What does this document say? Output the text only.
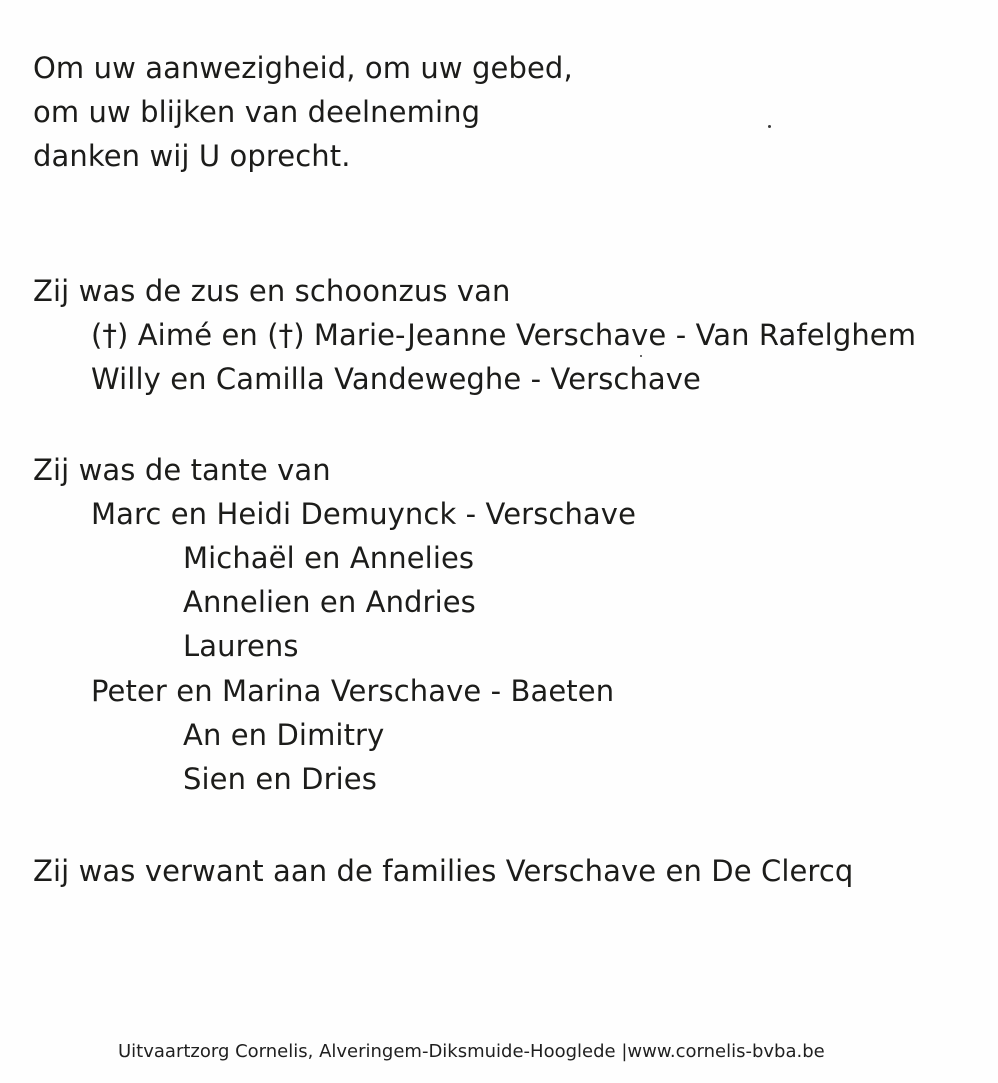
Om uw aanwezigheid, om uw gebed,
om uw blijken van deelneming
danken wij U oprecht.
Zij was de zus en schoonzus van
(†) Aimé en (†) Marie-Jeanne Verschave - Van Rafelghem
Willy en Camilla Vandeweghe - Verschave
Zij was de tante van
Marc en Heidi Demuynck - Verschave
Michaël en Annelies
Annelien en Andries
Laurens
Peter en Marina Verschave - Baeten
An en Dimitry
Sien en Dries
Zij was verwant aan de families Verschave en De Clercq
Uitvaartzorg Cornelis, Alveringem-Diksmuide-Hooglede |www.cornelis-bvba.be
